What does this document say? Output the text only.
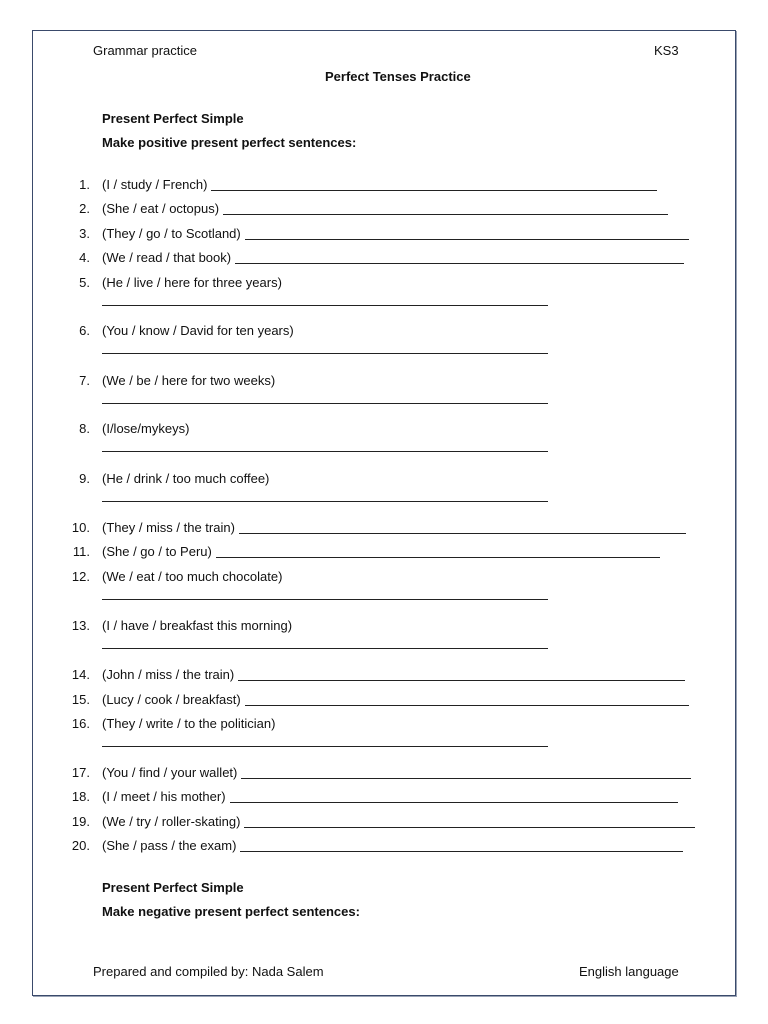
Grammar practice	KS3
Perfect Tenses Practice
Present Perfect Simple
Make positive present perfect sentences:
1. (I / study / French)
2. (She / eat / octopus)
3. (They / go / to Scotland)
4. (We / read / that book)
5. (He / live / here for three years)
6. (You / know / David for ten years)
7. (We / be / here for two weeks)
8. (I/lose/mykeys)
9. (He / drink / too much coffee)
10. (They / miss / the train)
11. (She / go / to Peru)
12. (We / eat / too much chocolate)
13. (I / have / breakfast this morning)
14. (John / miss / the train)
15. (Lucy / cook / breakfast)
16. (They / write / to the politician)
17. (You / find / your wallet)
18. (I / meet / his mother)
19. (We / try / roller-skating)
20. (She / pass / the exam)
Present Perfect Simple
Make negative present perfect sentences:
Prepared and compiled by: Nada Salem	English language
